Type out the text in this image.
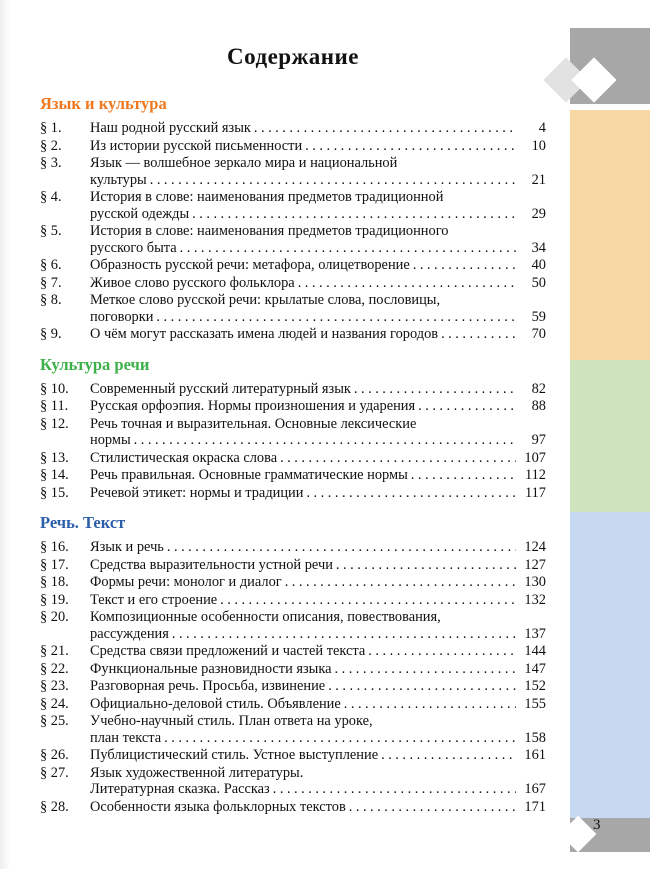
3
Содержание
Язык и культура
§ 1.	Наш родной русский язык .....	4
§ 2.	Из истории русской письменности .....	10
§ 3.	Язык — волшебное зеркало мира и национальной
культуры .....	21
§ 4.	История в слове: наименования предметов традиционной
русской одежды .....	29
§ 5.	История в слове: наименования предметов традиционного
русского быта .....	34
§ 6.	Образность русской речи: метафора, олицетворение .....	40
§ 7.	Живое слово русского фольклора .....	50
§ 8.	Меткое слово русской речи: крылатые слова, пословицы,
поговорки .....	59
§ 9.	О чём могут рассказать имена людей и названия городов .....	70
Культура речи
§ 10.	Современный русский литературный язык .....	82
§ 11.	Русская орфоэпия. Нормы произношения и ударения .....	88
§ 12.	Речь точная и выразительная. Основные лексические
нормы .....	97
§ 13.	Стилистическая окраска слова .....	107
§ 14.	Речь правильная. Основные грамматические нормы .....	112
§ 15.	Речевой этикет: нормы и традиции .....	117
Речь. Текст
§ 16.	Язык и речь .....	124
§ 17.	Средства выразительности устной речи .....	127
§ 18.	Формы речи: монолог и диалог .....	130
§ 19.	Текст и его строение .....	132
§ 20.	Композиционные особенности описания, повествования,
рассуждения .....	137
§ 21.	Средства связи предложений и частей текста .....	144
§ 22.	Функциональные разновидности языка .....	147
§ 23.	Разговорная речь. Просьба, извинение .....	152
§ 24.	Официально-деловой стиль. Объявление .....	155
§ 25.	Учебно-научный стиль. План ответа на уроке,
план текста .....	158
§ 26.	Публицистический стиль. Устное выступление .....	161
§ 27.	Язык художественной литературы.
Литературная сказка. Рассказ .....	167
§ 28.	Особенности языка фольклорных текстов .....	171
